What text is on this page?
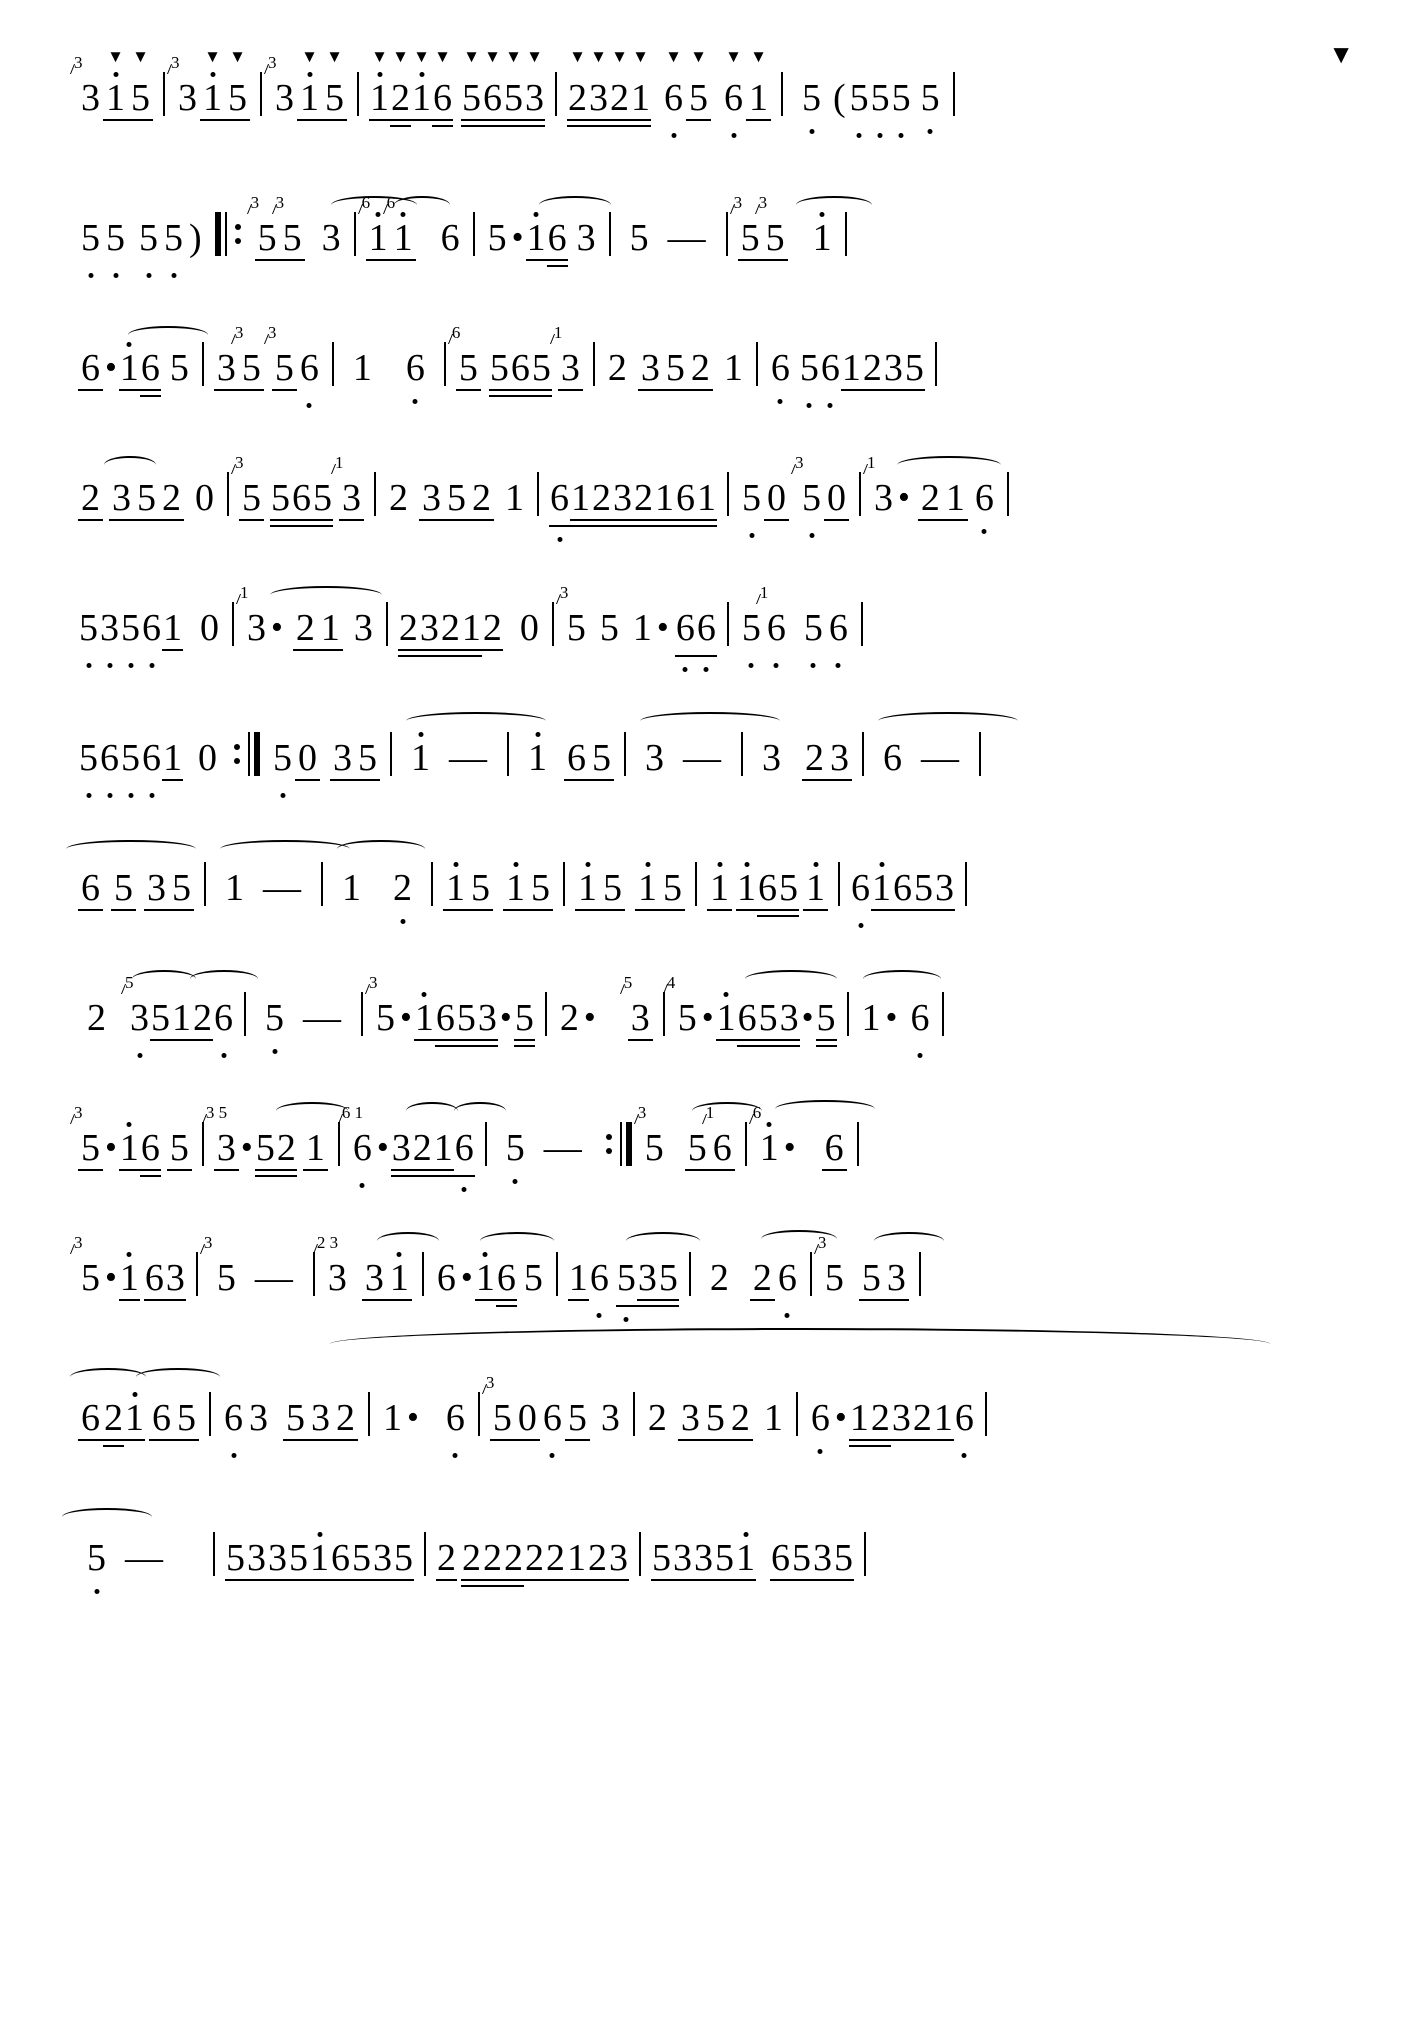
3
3
▼
1
▼
5
3
3
▼
1
▼
5
3
3
▼
1
▼
5
▼
1
▼
2
▼
1
▼
6
▼
5
▼
6
▼
5
▼
3
▼
2
▼
3
▼
2
▼
1
▼
6
▼
5
▼
6
▼
1 5 ( 5 5 5 5
▼
5 5 5 5 )
3
5
3
5 3
6
1
6
1 6 5 • 1 6 3 5 —
3
5
3
5 1
6 • 1 6 5 3
3
5
3
5 6 1 6
6
5 5 6 5
1
3 2 3 5 2 1 6 5 6 1 2 3 5
2 3 5 2 0
3
5 5 6 5
1
3 2 3 5 2 1 6 1 2 3 2 1 6 1 5 0
3
5 0
1
3 • 2 1 6
5 3 5 6 1 0
1
3 • 2 1 3 2 3 2 1 2 0
3
5 5 1 • 6 6 5
1
6 5 6
5 6 5 6 1 0 5 0 3 5 1 — 1 6 5 3 — 3 2 3 6 —
6 5 3 5 1 — 1 2 1 5 1 5 1 5 1 5 1 1 6 5 1 6 1 6 5 3
2
5
3 5 1 2 6 5 —
3
5 • 1 6 5 3 • 5 2 •
5
3
4
5 • 1 6 5 3 • 5 1 • 6
3
5 • 1 6 5
3 5
3 • 5 2 1
6 1
6 • 3 2 1 6 5 —
3
5 5
1
6
6
1 • 6
3
5 • 1 6 3
3
5 —
2 3
3 3 1 6 • 1 6 5 1 6 5 3 5 2 2 6
3
5 5 3
6 2 1 6 5 6 3 5 3 2 1 • 6
3
5 0 6 5 3 2 3 5 2 1 6 • 1 2 3 2 1 6
5 — 5 3 3 5 1 6 5 3 5 2 2 2 2 2 2 1 2 3 5 3 3 5 1 6 5 3 5
